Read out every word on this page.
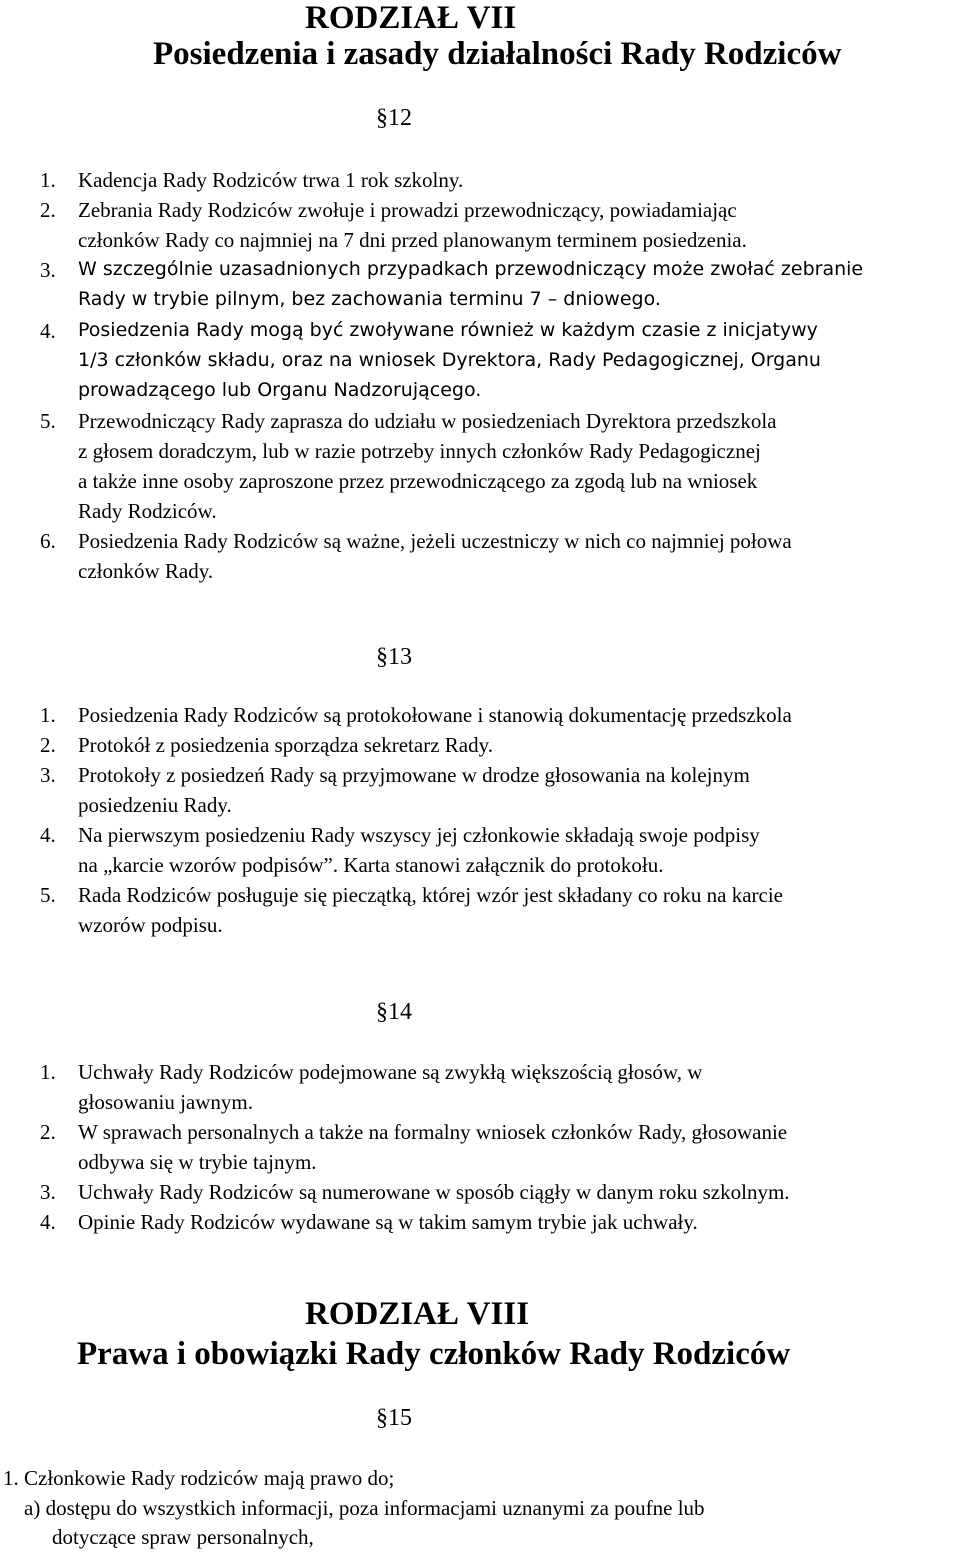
RODZIAŁ VII
Posiedzenia i zasady działalności Rady Rodziców
§12
1. Kadencja Rady Rodziców trwa 1 rok szkolny.
2. Zebrania Rady Rodziców zwołuje i prowadzi przewodniczący, powiadamiając
członków Rady co najmniej na 7 dni przed planowanym terminem posiedzenia.
3. W szczególnie uzasadnionych przypadkach przewodniczący może zwołać zebranie
Rady w trybie pilnym, bez zachowania terminu 7 – dniowego.
4. Posiedzenia Rady mogą być zwoływane również w każdym czasie z inicjatywy
1/3 członków składu, oraz na wniosek Dyrektora, Rady Pedagogicznej, Organu
prowadzącego lub Organu Nadzorującego.
5. Przewodniczący Rady zaprasza do udziału w posiedzeniach Dyrektora przedszkola
z głosem doradczym, lub w razie potrzeby innych członków Rady Pedagogicznej
a także inne osoby zaproszone przez przewodniczącego za zgodą lub na wniosek
Rady Rodziców.
6. Posiedzenia Rady Rodziców są ważne, jeżeli uczestniczy w nich co najmniej połowa
członków Rady.
§13
1. Posiedzenia Rady Rodziców są protokołowane i stanowią dokumentację przedszkola
2. Protokół z posiedzenia sporządza sekretarz Rady.
3. Protokoły z posiedzeń Rady są przyjmowane w drodze głosowania na kolejnym
posiedzeniu Rady.
4. Na pierwszym posiedzeniu Rady wszyscy jej członkowie składają swoje podpisy
na „karcie wzorów podpisów”. Karta stanowi załącznik do protokołu.
5. Rada Rodziców posługuje się pieczątką, której wzór jest składany co roku na karcie
wzorów podpisu.
§14
1. Uchwały Rady Rodziców podejmowane są zwykłą większością głosów, w
głosowaniu jawnym.
2. W sprawach personalnych a także na formalny wniosek członków Rady, głosowanie
odbywa się w trybie tajnym.
3. Uchwały Rady Rodziców są numerowane w sposób ciągły w danym roku szkolnym.
4. Opinie Rady Rodziców wydawane są w takim samym trybie jak uchwały.
RODZIAŁ VIII
Prawa i obowiązki Rady członków Rady Rodziców
§15
1. Członkowie Rady rodziców mają prawo do;
a) dostępu do wszystkich informacji, poza informacjami uznanymi za poufne lub
dotyczące spraw personalnych,
